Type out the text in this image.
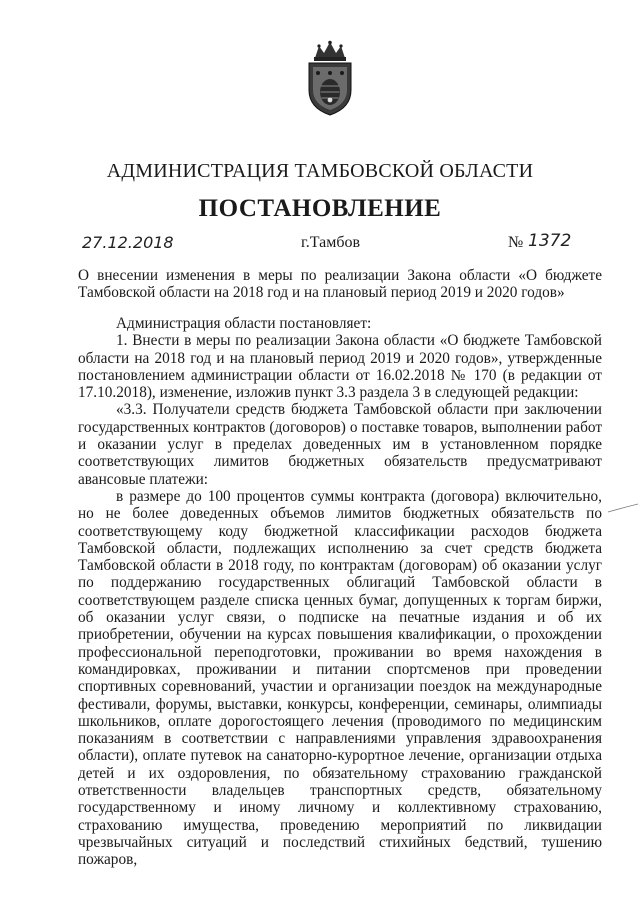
АДМИНИСТРАЦИЯ ТАМБОВСКОЙ ОБЛАСТИ
ПОСТАНОВЛЕНИЕ
27.12.2018	г.Тамбов	№ 1372
О внесении изменения в меры по реализации Закона области «О бюджете Тамбовской области на 2018 год и на плановый период 2019 и 2020 годов»

Администрация области постановляет:

1. Внести в меры по реализации Закона области «О бюджете Тамбовской области на 2018 год и на плановый период 2019 и 2020 годов», утвержденные постановлением администрации области от 16.02.2018 № 170 (в редакции от 17.10.2018), изменение, изложив пункт 3.3 раздела 3 в следующей редакции:

«3.3. Получатели средств бюджета Тамбовской области при заключении государственных контрактов (договоров) о поставке товаров, выполнении работ и оказании услуг в пределах доведенных им в установленном порядке соответствующих лимитов бюджетных обязательств предусматривают авансовые платежи:

в размере до 100 процентов суммы контракта (договора) включительно, но не более доведенных объемов лимитов бюджетных обязательств по соответствующему коду бюджетной классификации расходов бюджета Тамбовской области, подлежащих исполнению за счет средств бюджета Тамбовской области в 2018 году, по контрактам (договорам) об оказании услуг по поддержанию государственных облигаций Тамбовской области в соответствующем разделе списка ценных бумаг, допущенных к торгам биржи, об оказании услуг связи, о подписке на печатные издания и об их приобретении, обучении на курсах повышения квалификации, о прохождении профессиональной переподготовки, проживании во время нахождения в командировках, проживании и питании спортсменов при проведении спортивных соревнований, участии и организации поездок на международные фестивали, форумы, выставки, конкурсы, конференции, семинары, олимпиады школьников, оплате дорогостоящего лечения (проводимого по медицинским показаниям в соответствии с направлениями управления здравоохранения области), оплате путевок на санаторно-курортное лечение, организации отдыха детей и их оздоровления, по обязательному страхованию гражданской ответственности владельцев транспортных средств, обязательному государственному и иному личному и коллективному страхованию, страхованию имущества, проведению мероприятий по ликвидации чрезвычайных ситуаций и последствий стихийных бедствий, тушению пожаров,
